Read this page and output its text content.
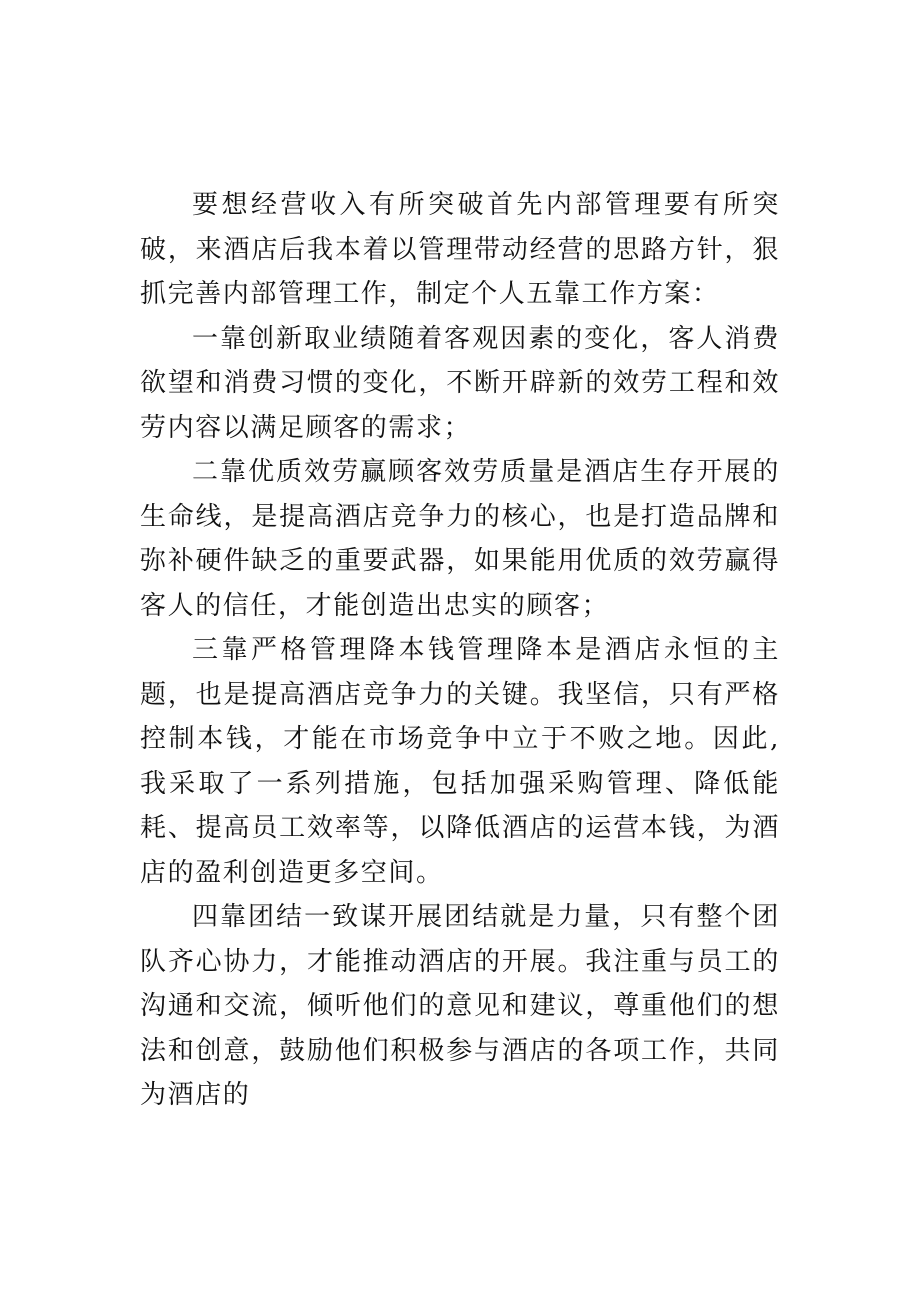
要想经营收入有所突破首先内部管理要有所突破，来酒店后我本着以管理带动经营的思路方针，狠抓完善内部管理工作，制定个人五靠工作方案：

一靠创新取业绩随着客观因素的变化，客人消费欲望和消费习惯的变化，不断开辟新的效劳工程和效劳内容以满足顾客的需求；

二靠优质效劳赢顾客效劳质量是酒店生存开展的生命线，是提高酒店竞争力的核心，也是打造品牌和弥补硬件缺乏的重要武器，如果能用优质的效劳赢得客人的信任，才能创造出忠实的顾客；

三靠严格管理降本钱管理降本是酒店永恒的主题，也是提高酒店竞争力的关键。我坚信，只有严格控制本钱，才能在市场竞争中立于不败之地。因此,我采取了一系列措施，包括加强采购管理、降低能耗、提高员工效率等，以降低酒店的运营本钱，为酒店的盈利创造更多空间。

四靠团结一致谋开展团结就是力量，只有整个团队齐心协力，才能推动酒店的开展。我注重与员工的沟通和交流，倾听他们的意见和建议，尊重他们的想法和创意，鼓励他们积极参与酒店的各项工作，共同为酒店的
